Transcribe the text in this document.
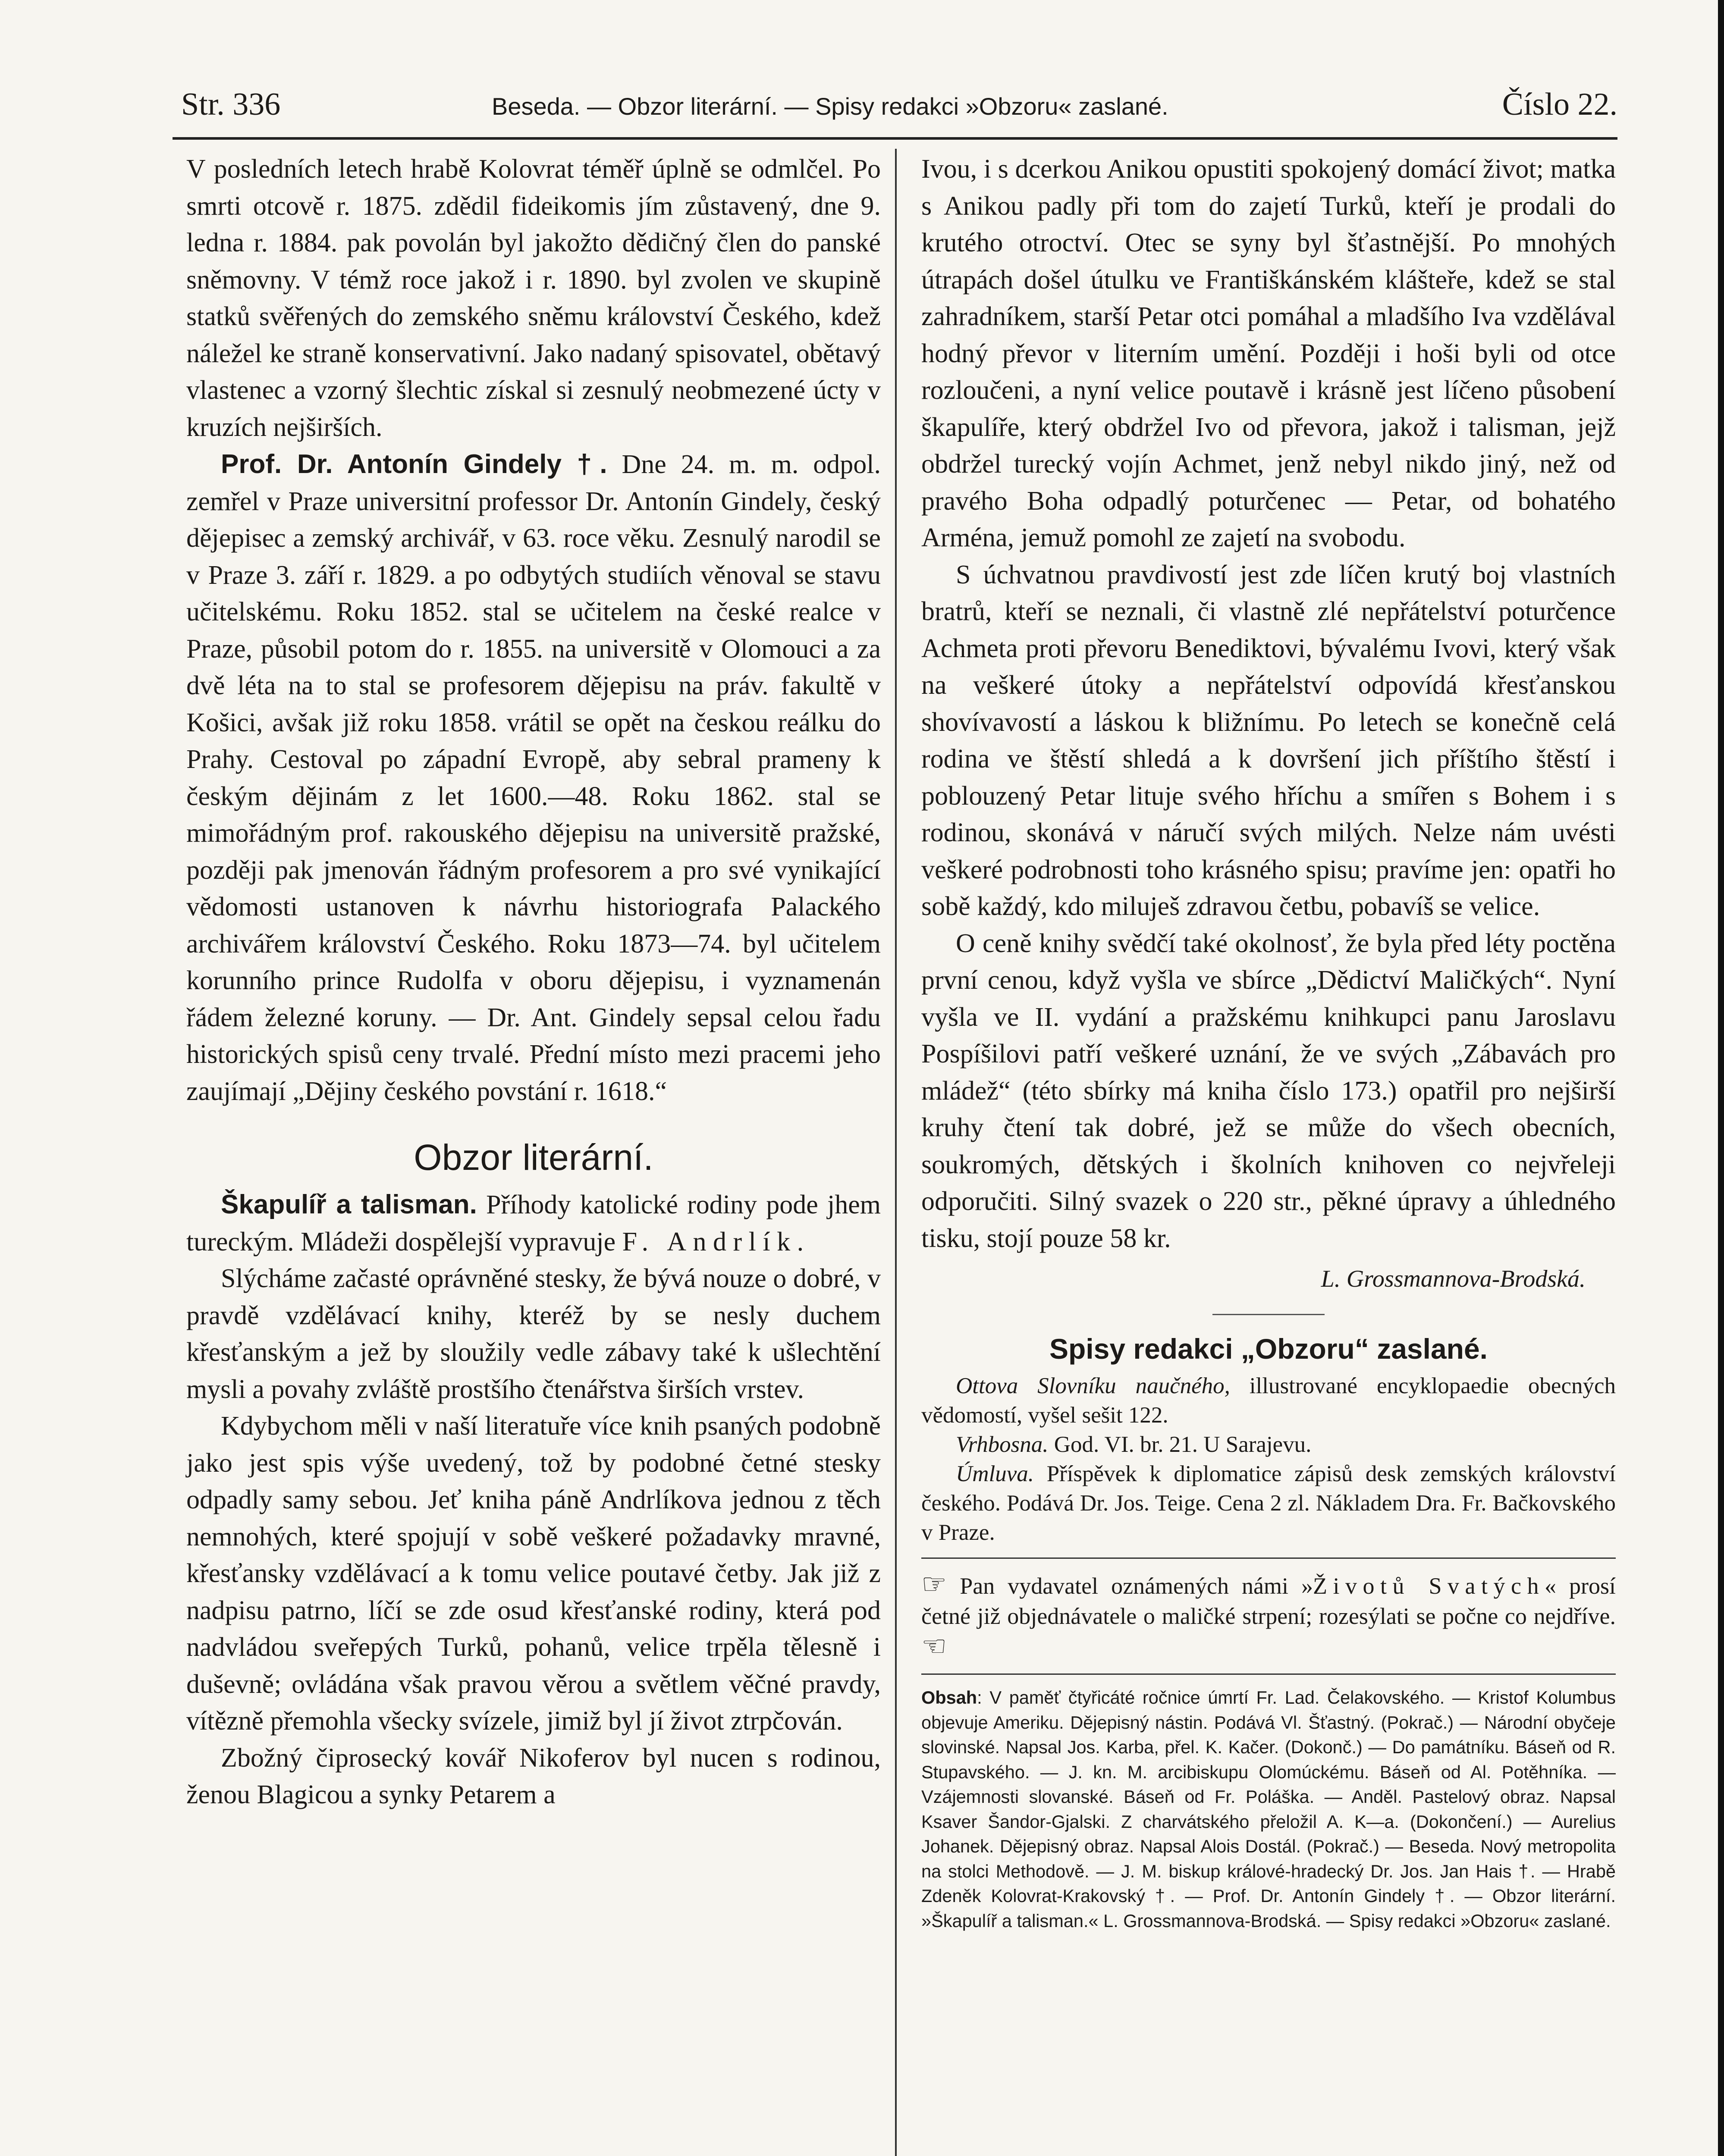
Str. 336	Beseda. — Obzor literární. — Spisy redakci »Obzoru« zaslané.	Číslo 22.

V posledních letech hrabě Kolovrat téměř úplně se odmlčel. Po smrti otcově r. 1875. zdědil fideikomis jím zůstavený, dne 9. ledna r. 1884. pak povolán byl jakožto dědičný člen do panské sněmovny. V témž roce jakož i r. 1890. byl zvolen ve skupině statků svěřených do zemského sněmu království Českého, kdež náležel ke straně konservativní. Jako nadaný spisovatel, obětavý vlastenec a vzorný šlechtic získal si zesnulý neobmezené úcty v kruzích nejširších.

Prof. Dr. Antonín Gindely †. Dne 24. m. m. odpol. zemřel v Praze universitní professor Dr. Antonín Gindely, český dějepisec a zemský archivář, v 63. roce věku. Zesnulý narodil se v Praze 3. září r. 1829. a po odbytých studiích věnoval se stavu učitelskému. Roku 1852. stal se učitelem na české realce v Praze, působil potom do r. 1855. na universitě v Olomouci a za dvě léta na to stal se profesorem dějepisu na práv. fakultě v Košici, avšak již roku 1858. vrátil se opět na českou reálku do Prahy. Cestoval po západní Evropě, aby sebral prameny k českým dějinám z let 1600.—48. Roku 1862. stal se mimořádným prof. rakouského dějepisu na universitě pražské, později pak jmenován řádným profesorem a pro své vynikající vědomosti ustanoven k návrhu historiografa Palackého archivářem království Českého. Roku 1873—74. byl učitelem korunního prince Rudolfa v oboru dějepisu, i vyznamenán řádem železné koruny. — Dr. Ant. Gindely sepsal celou řadu historických spisů ceny trvalé. Přední místo mezi pracemi jeho zaujímají „Dějiny českého povstání r. 1618.“

Obzor literární.

Škapulíř a talisman. Příhody katolické rodiny pode jhem tureckým. Mládeži dospělejší vypravuje F. Andrlík.

Slýcháme začasté oprávněné stesky, že bývá nouze o dobré, v pravdě vzdělávací knihy, kteréž by se nesly duchem křesťanským a jež by sloužily vedle zábavy také k ušlechtění mysli a povahy zvláště prostšího čtenářstva širších vrstev.

Kdybychom měli v naší literatuře více knih psaných podobně jako jest spis výše uvedený, tož by podobné četné stesky odpadly samy sebou. Jeť kniha páně Andrlíkova jednou z těch nemnohých, které spojují v sobě veškeré požadavky mravné, křesťansky vzdělávací a k tomu velice poutavé četby. Jak již z nadpisu patrno, líčí se zde osud křesťanské rodiny, která pod nadvládou sveřepých Turků, pohanů, velice trpěla tělesně i duševně; ovládána však pravou věrou a světlem věčné pravdy, vítězně přemohla všecky svízele, jimiž byl jí život ztrpčován.

Zbožný čiprosecký kovář Nikoferov byl nucen s rodinou, ženou Blagicou a synky Petarem a

Ivou, i s dcerkou Anikou opustiti spokojený domácí život; matka s Anikou padly při tom do zajetí Turků, kteří je prodali do krutého otroctví. Otec se syny byl šťastnější. Po mnohých útrapách došel útulku ve Františkánském klášteře, kdež se stal zahradníkem, starší Petar otci pomáhal a mladšího Iva vzdělával hodný převor v literním umění. Později i hoši byli od otce rozloučeni, a nyní velice poutavě i krásně jest líčeno působení škapulíře, který obdržel Ivo od převora, jakož i talisman, jejž obdržel turecký vojín Achmet, jenž nebyl nikdo jiný, než od pravého Boha odpadlý poturčenec — Petar, od bohatého Arména, jemuž pomohl ze zajetí na svobodu.

S úchvatnou pravdivostí jest zde líčen krutý boj vlastních bratrů, kteří se neznali, či vlastně zlé nepřátelství poturčence Achmeta proti převoru Benediktovi, bývalému Ivovi, který však na veškeré útoky a nepřátelství odpovídá křesťanskou shovívavostí a láskou k bližnímu. Po letech se konečně celá rodina ve štěstí shledá a k dovršení jich příštího štěstí i poblouzený Petar lituje svého hříchu a smířen s Bohem i s rodinou, skonává v náručí svých milých. Nelze nám uvésti veškeré podrobnosti toho krásného spisu; pravíme jen: opatři ho sobě každý, kdo miluješ zdravou četbu, pobavíš se velice.

O ceně knihy svědčí také okolnosť, že byla před léty poctěna první cenou, když vyšla ve sbírce „Dědictví Maličkých“. Nyní vyšla ve II. vydání a pražskému knihkupci panu Jaroslavu Pospíšilovi patří veškeré uznání, že ve svých „Zábavách pro mládež“ (této sbírky má kniha číslo 173.) opatřil pro nejširší kruhy čtení tak dobré, jež se může do všech obecních, soukromých, dětských i školních knihoven co nejvřeleji odporučiti. Silný svazek o 220 str., pěkné úpravy a úhledného tisku, stojí pouze 58 kr.

L. Grossmannova-Brodská.
Spisy redakci „Obzoru“ zaslané.

Ottova Slovníku naučného, illustrované encyklopaedie obecných vědomostí, vyšel sešit 122.

Vrhbosna. God. VI. br. 21. U Sarajevu.

Úmluva. Příspěvek k diplomatice zápisů desk zemských království českého. Podává Dr. Jos. Teige. Cena 2 zl. Nákladem Dra. Fr. Bačkovského v Praze.

☞ Pan vydavatel oznámených námi »Životů Svatých« prosí četné již objednávatele o maličké strpení; rozesýlati se počne co nejdříve. ☜

Obsah: V paměť čtyřicáté ročnice úmrtí Fr. Lad. Čelakovského. — Kristof Kolumbus objevuje Ameriku. Dějepisný nástin. Podává Vl. Šťastný. (Pokrač.) — Národní obyčeje slovinské. Napsal Jos. Karba, přel. K. Kačer. (Dokonč.) — Do památníku. Báseň od R. Stupavského. — J. kn. M. arcibiskupu Olomúckému. Báseň od Al. Potěhníka. — Vzájemnosti slovanské. Báseň od Fr. Poláška. — Anděl. Pastelový obraz. Napsal Ksaver Šandor-Gjalski. Z charvátského přeložil A. K—a. (Dokončení.) — Aurelius Johanek. Dějepisný obraz. Napsal Alois Dostál. (Pokrač.) — Beseda. Nový metropolita na stolci Methodově. — J. M. biskup králové-hradecký Dr. Jos. Jan Hais †. — Hrabě Zdeněk Kolovrat-Krakovský †. — Prof. Dr. Antonín Gindely †. — Obzor literární. »Škapulíř a talisman.« L. Grossmannova-Brodská. — Spisy redakci »Obzoru« zaslané.
